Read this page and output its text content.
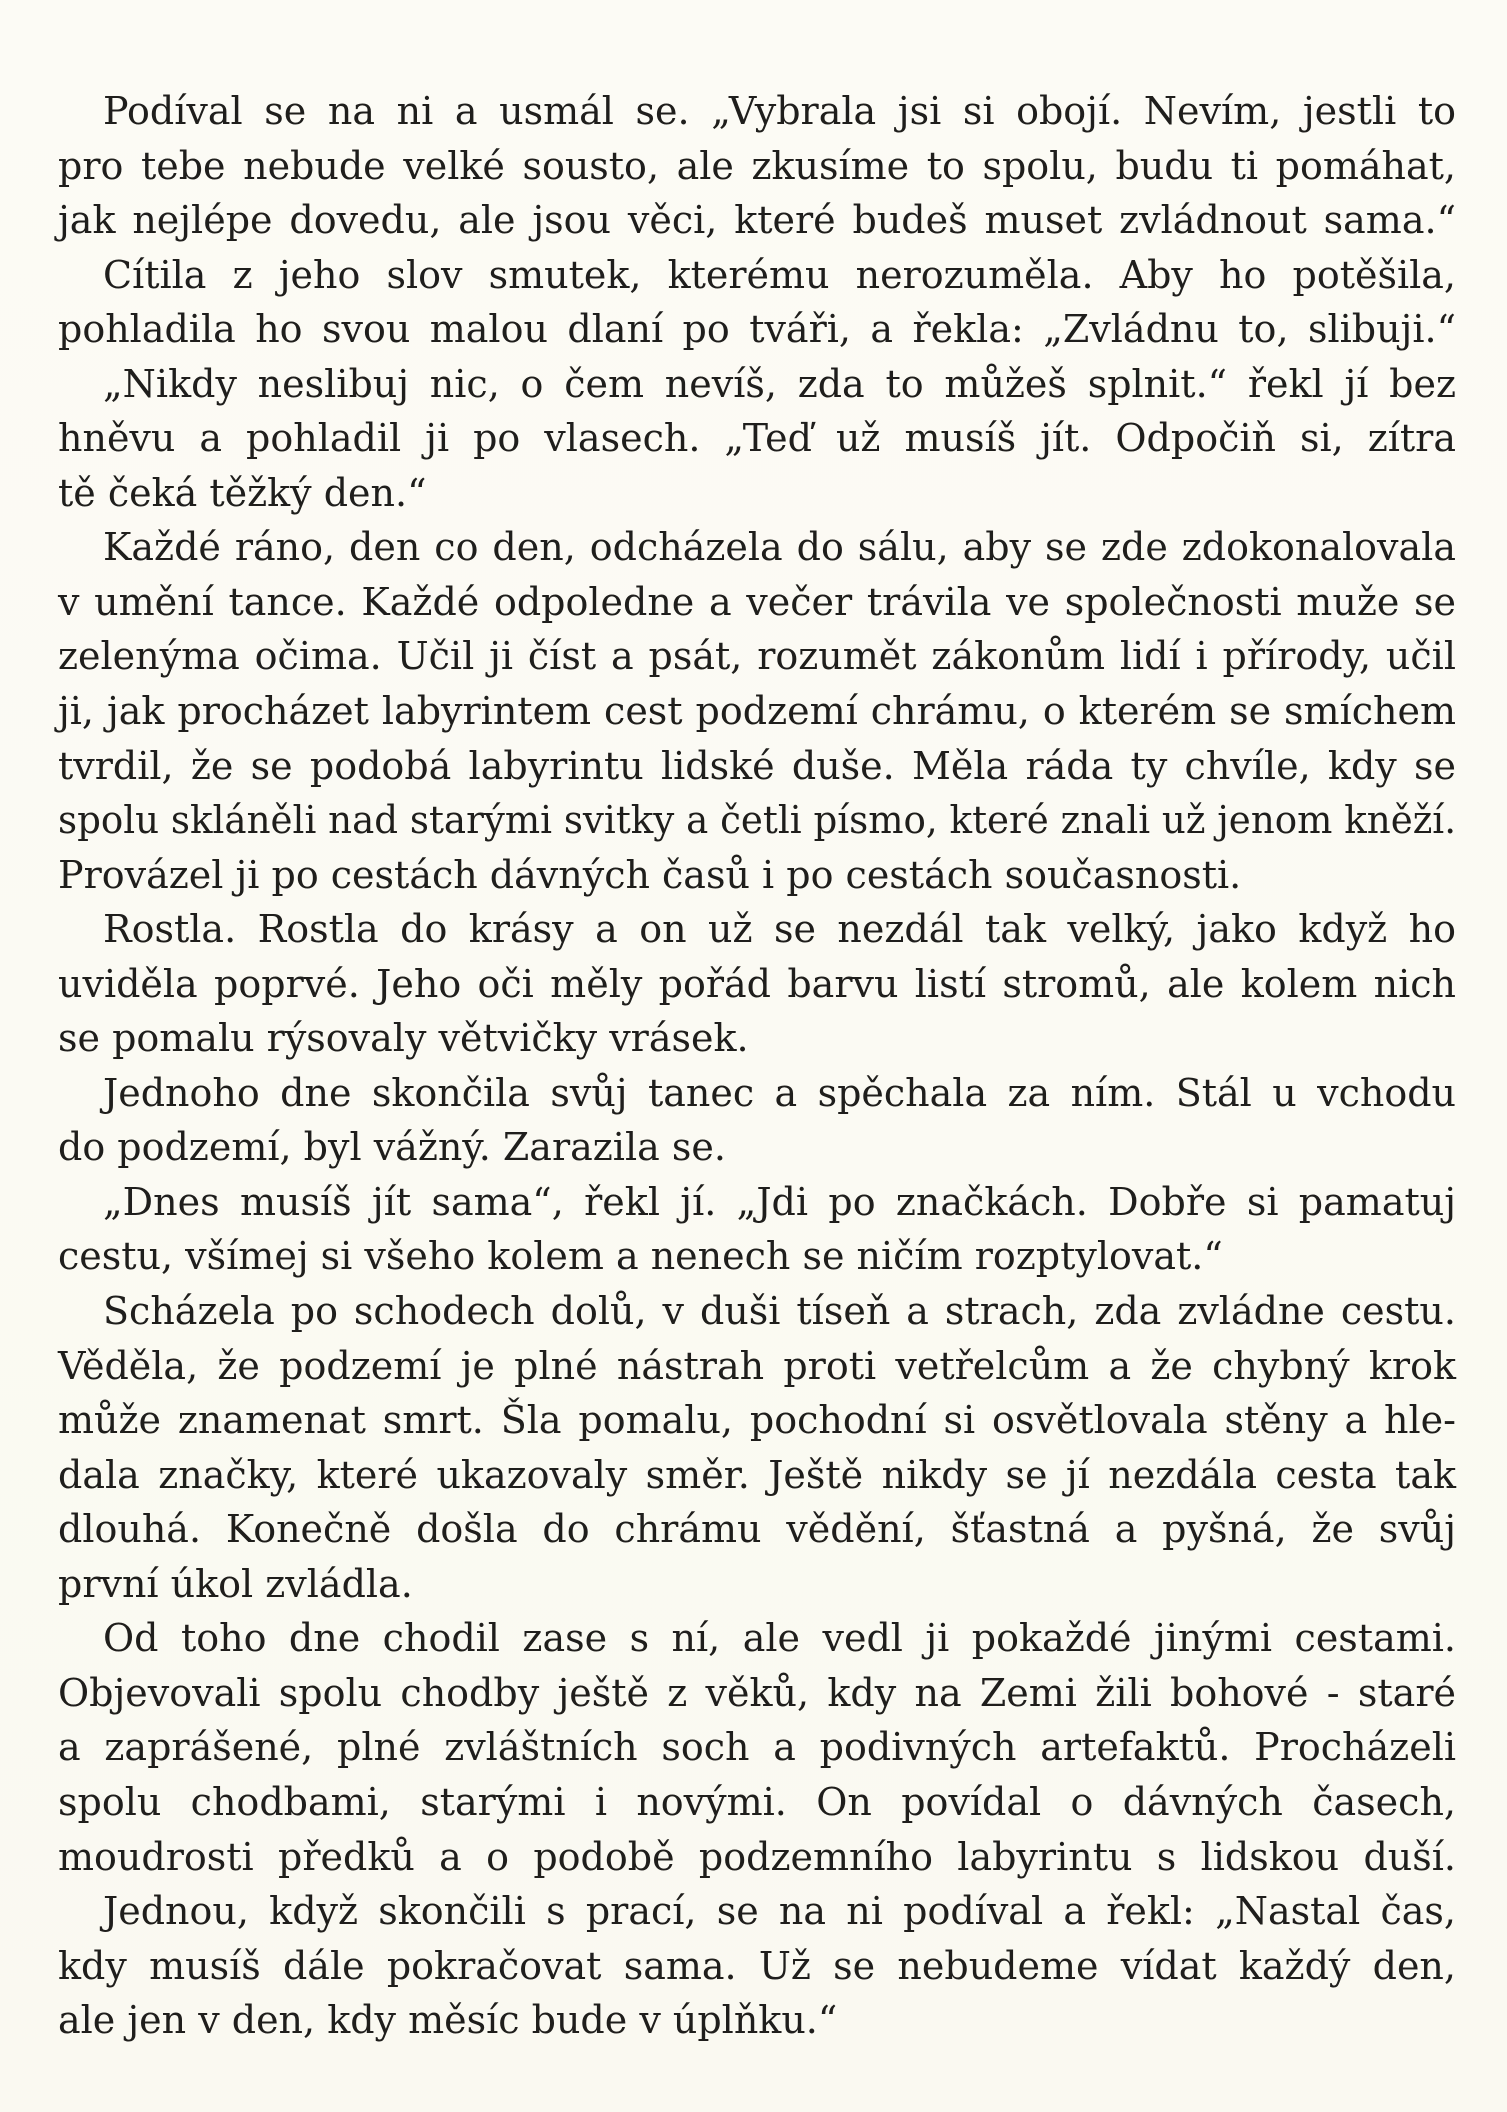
Podíval se na ni a usmál se. „Vybrala jsi si obojí. Nevím, jestli to
pro tebe nebude velké sousto, ale zkusíme to spolu, budu ti pomáhat,
jak nejlépe dovedu, ale jsou věci, které budeš muset zvládnout sama.“
Cítila z jeho slov smutek, kterému nerozuměla. Aby ho potěšila,
pohladila ho svou malou dlaní po tváři, a řekla: „Zvládnu to, slibuji.“
„Nikdy neslibuj nic, o čem nevíš, zda to můžeš splnit.“ řekl jí bez
hněvu a pohladil ji po vlasech. „Teď už musíš jít. Odpočiň si, zítra
tě čeká těžký den.“
Každé ráno, den co den, odcházela do sálu, aby se zde zdokonalovala
v umění tance. Každé odpoledne a večer trávila ve společnosti muže se
zelenýma očima. Učil ji číst a psát, rozumět zákonům lidí i přírody, učil
ji, jak procházet labyrintem cest podzemí chrámu, o kterém se smíchem
tvrdil, že se podobá labyrintu lidské duše. Měla ráda ty chvíle, kdy se
spolu skláněli nad starými svitky a četli písmo, které znali už jenom kněží.
Provázel ji po cestách dávných časů i po cestách současnosti.
Rostla. Rostla do krásy a on už se nezdál tak velký, jako když ho
uviděla poprvé. Jeho oči měly pořád barvu listí stromů, ale kolem nich
se pomalu rýsovaly větvičky vrásek.
Jednoho dne skončila svůj tanec a spěchala za ním. Stál u vchodu
do podzemí, byl vážný. Zarazila se.
„Dnes musíš jít sama“, řekl jí. „Jdi po značkách. Dobře si pamatuj
cestu, všímej si všeho kolem a nenech se ničím rozptylovat.“
Scházela po schodech dolů, v duši tíseň a strach, zda zvládne cestu.
Věděla, že podzemí je plné nástrah proti vetřelcům a že chybný krok
může znamenat smrt. Šla pomalu, pochodní si osvětlovala stěny a hle-
dala značky, které ukazovaly směr. Ještě nikdy se jí nezdála cesta tak
dlouhá. Konečně došla do chrámu vědění, šťastná a pyšná, že svůj
první úkol zvládla.
Od toho dne chodil zase s ní, ale vedl ji pokaždé jinými cestami.
Objevovali spolu chodby ještě z věků, kdy na Zemi žili bohové - staré
a zaprášené, plné zvláštních soch a podivných artefaktů. Procházeli
spolu chodbami, starými i novými. On povídal o dávných časech,
moudrosti předků a o podobě podzemního labyrintu s lidskou duší.
Jednou, když skončili s prací, se na ni podíval a řekl: „Nastal čas,
kdy musíš dále pokračovat sama. Už se nebudeme vídat každý den,
ale jen v den, kdy měsíc bude v úplňku.“
